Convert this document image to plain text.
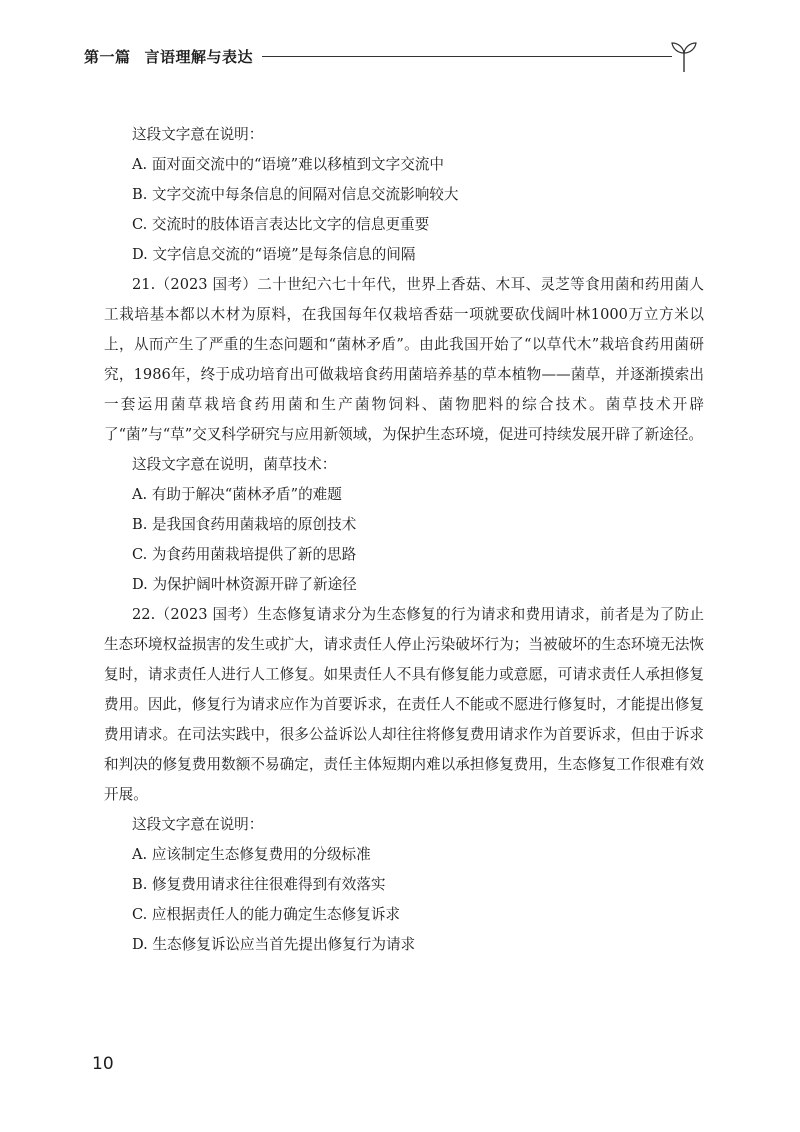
第一篇 言语理解与表达

这段文字意在说明：

A. 面对面交流中的“语境”难以移植到文字交流中

B. 文字交流中每条信息的间隔对信息交流影响较大

C. 交流时的肢体语言表达比文字的信息更重要

D. 文字信息交流的“语境”是每条信息的间隔

21.（2023 国考）二十世纪六七十年代，世界上香菇、木耳、灵芝等食用菌和药用菌人工栽培基本都以木材为原料，在我国每年仅栽培香菇一项就要砍伐阔叶林1000万立方米以上，从而产生了严重的生态问题和“菌林矛盾”。由此我国开始了“以草代木”栽培食药用菌研究，1986年，终于成功培育出可做栽培食药用菌培养基的草本植物——菌草，并逐渐摸索出一套运用菌草栽培食药用菌和生产菌物饲料、菌物肥料的综合技术。菌草技术开辟了“菌”与“草”交叉科学研究与应用新领域，为保护生态环境，促进可持续发展开辟了新途径。

这段文字意在说明，菌草技术：

A. 有助于解决“菌林矛盾”的难题

B. 是我国食药用菌栽培的原创技术

C. 为食药用菌栽培提供了新的思路

D. 为保护阔叶林资源开辟了新途径

22.（2023 国考）生态修复请求分为生态修复的行为请求和费用请求，前者是为了防止生态环境权益损害的发生或扩大，请求责任人停止污染破坏行为；当被破坏的生态环境无法恢复时，请求责任人进行人工修复。如果责任人不具有修复能力或意愿，可请求责任人承担修复费用。因此，修复行为请求应作为首要诉求，在责任人不能或不愿进行修复时，才能提出修复费用请求。在司法实践中，很多公益诉讼人却往往将修复费用请求作为首要诉求，但由于诉求和判决的修复费用数额不易确定，责任主体短期内难以承担修复费用，生态修复工作很难有效开展。

这段文字意在说明：

A. 应该制定生态修复费用的分级标准

B. 修复费用请求往往很难得到有效落实

C. 应根据责任人的能力确定生态修复诉求

D. 生态修复诉讼应当首先提出修复行为请求

10
